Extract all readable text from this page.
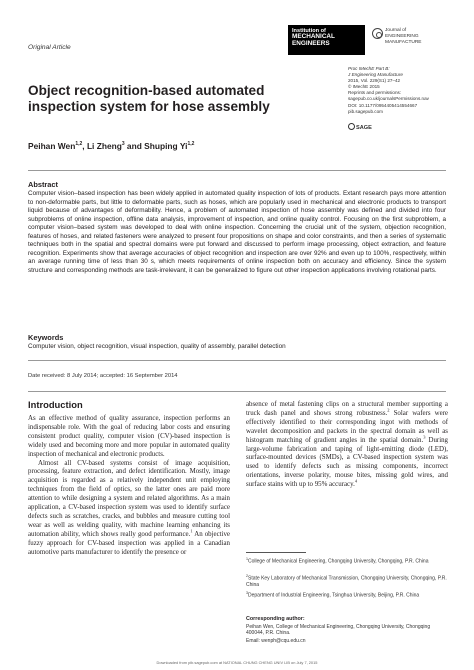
Original Article
Institution of
MECHANICAL
ENGINEERS
Journal of
ENGINEERING
MANUFACTURE
Proc IMechE Part B:
J Engineering Manufacture
2015, Vol. 229(S1) 27–42
© IMechE 2015
Reprints and permissions:
sagepub.co.uk/journalsPermissions.nav
DOI: 10.1177/0954405414554667
pib.sagepub.com
SAGE
Object recognition-based automated
inspection system for hose assembly
Peihan Wen$^{1,2}$, Li Zheng$^3$ and Shuping Yi$^{1,2}$
Abstract
Computer vision–based inspection has been widely applied in automated quality inspection of lots of products. Extant research pays more attention to non-deformable parts, but little to deformable parts, such as hoses, which are popularly used in mechanical and electronic products to transport liquid because of advantages of deformability. Hence, a problem of automated inspection of hose assembly was defined and divided into four subproblems of online inspection, offline data analysis, improvement of inspection, and online quality control. Focusing on the first subproblem, a computer vision–based system was developed to deal with online inspection. Concerning the crucial unit of the system, objection recognition, features of hoses, and related fasteners were analyzed to present four propositions on shape and color constraints, and then a series of systematic techniques both in the spatial and spectral domains were put forward and discussed to perform image processing, object extraction, and feature recognition. Experiments show that average accuracies of object recognition and inspection are over 92% and even up to 100%, respectively, within an average running time of less than 30 s, which meets requirements of online inspection both on accuracy and efficiency. Since the system structure and corresponding methods are task-irrelevant, it can be generalized to figure out other inspection applications involving rotational parts.
Keywords
Computer vision, object recognition, visual inspection, quality of assembly, parallel detection
Date received: 8 July 2014; accepted: 16 September 2014
Introduction

As an effective method of quality assurance, inspection performs an indispensable role. With the goal of reducing labor costs and ensuring consistent product quality, computer vision (CV)-based inspection is widely used and becoming more and more popular in automated quality inspection of mechanical and electronic products.

Almost all CV-based systems consist of image acquisition, processing, feature extraction, and defect identification. Mostly, image acquisition is regarded as a relatively independent unit employing techniques from the field of optics, so the latter ones are paid more attention to while designing a system and related algorithms. As a main application, a CV-based inspection system was used to identify surface defects such as scratches, cracks, and bubbles and measure cutting tool wear as well as welding quality, with machine learning enhancing its automation ability, which shows really good performance.$^1$ An objective fuzzy approach for CV-based inspection was applied in a Canadian automotive parts manufacturer to identify the presence or

absence of metal fastening clips on a structural member supporting a truck dash panel and shows strong robustness.$^2$ Solar wafers were effectively identified to their corresponding ingot with methods of wavelet decomposition and packets in the spectral domain as well as histogram matching of gradient angles in the spatial domain.$^3$ During large-volume fabrication and taping of light-emitting diode (LED), surface-mounted devices (SMDs), a CV-based inspection system was used to identify defects such as missing components, incorrect orientations, inverse polarity, mouse bites, missing gold wires, and surface stains with up to 95% accuracy.$^4$

$^1$College of Mechanical Engineering, Chongqing University, Chongqing, P.R. China
$^2$State Key Laboratory of Mechanical Transmission, Chongqing University, Chongqing, P.R. China
$^3$Department of Industrial Engineering, Tsinghua University, Beijing, P.R. China
Corresponding author:
Peihan Wen, College of Mechanical Engineering, Chongqing University, Chongqing 400044, P.R. China.
Email: wenph@cqu.edu.cn
Downloaded from pib.sagepub.com at NATIONAL CHUNG CHENG UNIV LIB on July 7, 2015
